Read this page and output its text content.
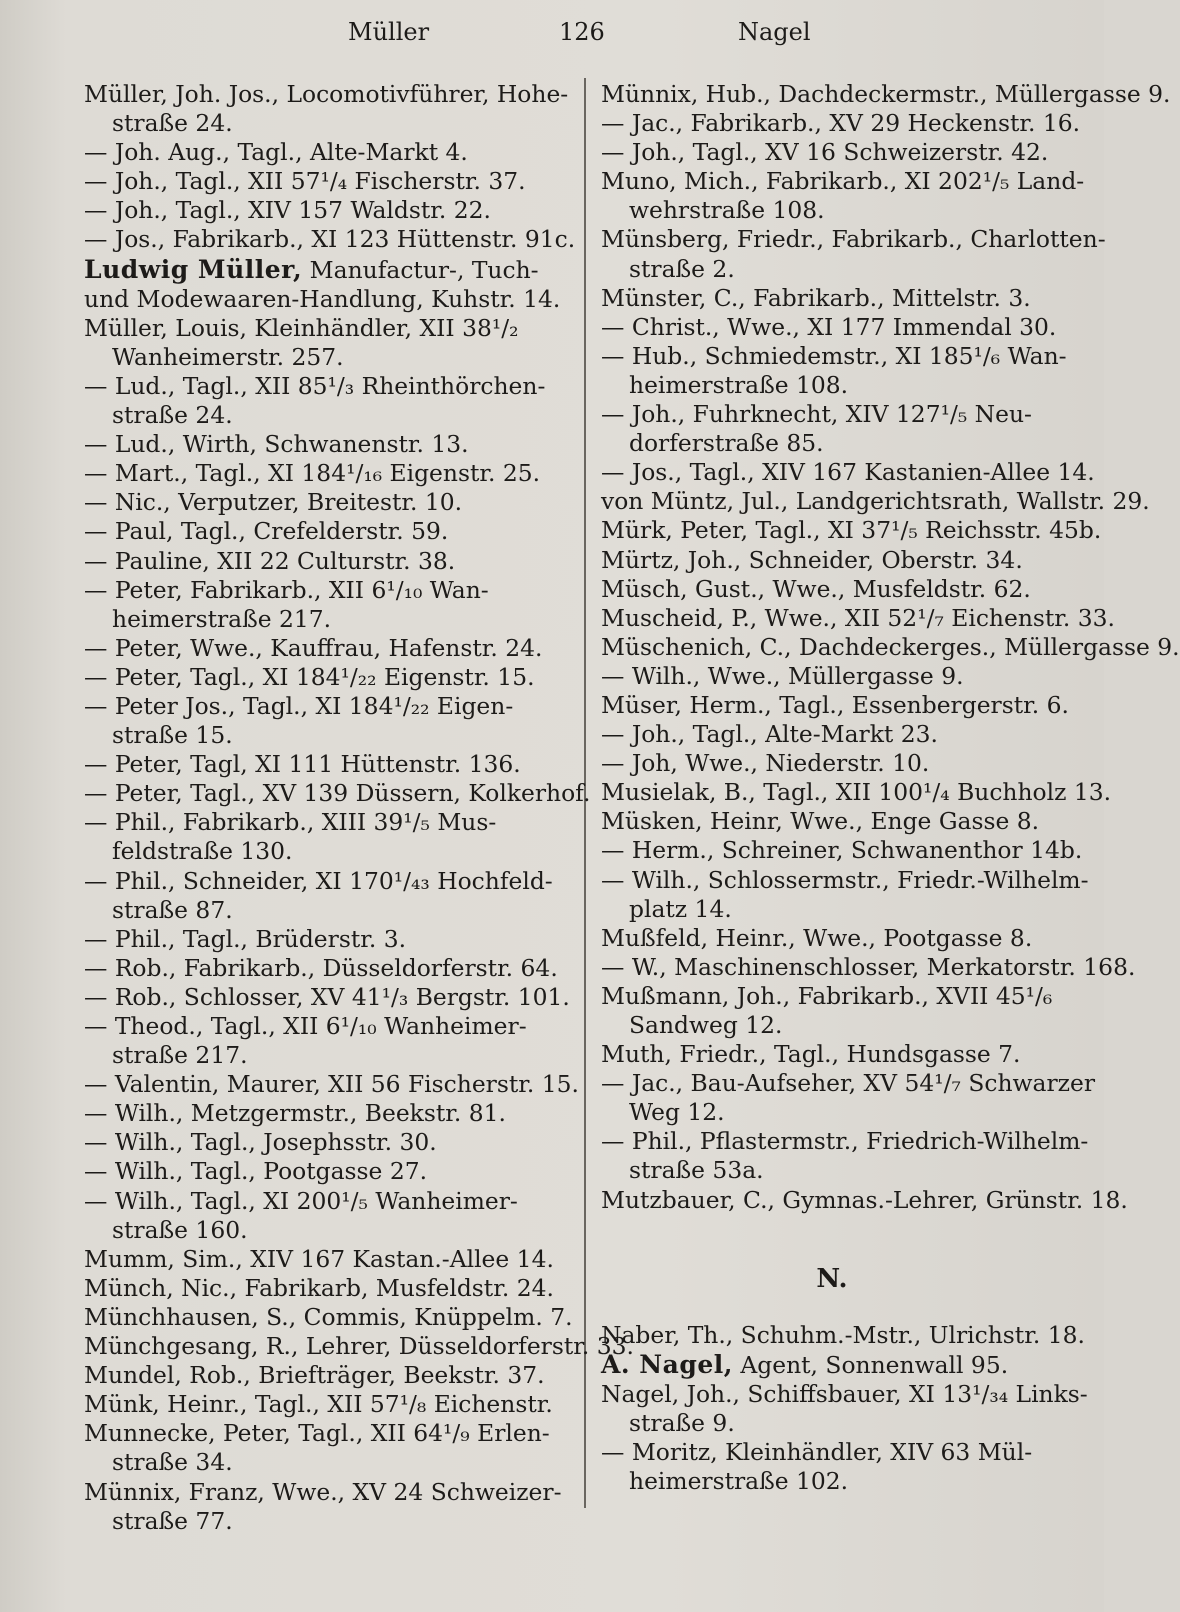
Müller	126	Nagel
Müller, Joh. Jos., Locomotivführer, Hohe-
straße 24.
— Joh. Aug., Tagl., Alte-Markt 4.
— Joh., Tagl., XII 57¹/₄ Fischerstr. 37.
— Joh., Tagl., XIV 157 Waldstr. 22.
— Jos., Fabrikarb., XI 123 Hüttenstr. 91c.
Ludwig Müller, Manufactur-, Tuch-
und Modewaaren-Handlung, Kuhstr. 14.
Müller, Louis, Kleinhändler, XII 38¹/₂
Wanheimerstr. 257.
— Lud., Tagl., XII 85¹/₃ Rheinthörchen-
straße 24.
— Lud., Wirth, Schwanenstr. 13.
— Mart., Tagl., XI 184¹/₁₆ Eigenstr. 25.
— Nic., Verputzer, Breitestr. 10.
— Paul, Tagl., Crefelderstr. 59.
— Pauline, XII 22 Culturstr. 38.
— Peter, Fabrikarb., XII 6¹/₁₀ Wan-
heimerstraße 217.
— Peter, Wwe., Kauffrau, Hafenstr. 24.
— Peter, Tagl., XI 184¹/₂₂ Eigenstr. 15.
— Peter Jos., Tagl., XI 184¹/₂₂ Eigen-
straße 15.
— Peter, Tagl, XI 111 Hüttenstr. 136.
— Peter, Tagl., XV 139 Düssern, Kolkerhof.
— Phil., Fabrikarb., XIII 39¹/₅ Mus-
feldstraße 130.
— Phil., Schneider, XI 170¹/₄₃ Hochfeld-
straße 87.
— Phil., Tagl., Brüderstr. 3.
— Rob., Fabrikarb., Düsseldorferstr. 64.
— Rob., Schlosser, XV 41¹/₃ Bergstr. 101.
— Theod., Tagl., XII 6¹/₁₀ Wanheimer-
straße 217.
— Valentin, Maurer, XII 56 Fischerstr. 15.
— Wilh., Metzgermstr., Beekstr. 81.
— Wilh., Tagl., Josephsstr. 30.
— Wilh., Tagl., Pootgasse 27.
— Wilh., Tagl., XI 200¹/₅ Wanheimer-
straße 160.
Mumm, Sim., XIV 167 Kastan.-Allee 14.
Münch, Nic., Fabrikarb, Musfeldstr. 24.
Münchhausen, S., Commis, Knüppelm. 7.
Münchgesang, R., Lehrer, Düsseldorferstr. 33.
Mundel, Rob., Briefträger, Beekstr. 37.
Münk, Heinr., Tagl., XII 57¹/₈ Eichenstr.
Munnecke, Peter, Tagl., XII 64¹/₉ Erlen-
straße 34.
Münnix, Franz, Wwe., XV 24 Schweizer-
straße 77.
Münnix, Hub., Dachdeckermstr., Müllergasse 9.
— Jac., Fabrikarb., XV 29 Heckenstr. 16.
— Joh., Tagl., XV 16 Schweizerstr. 42.
Muno, Mich., Fabrikarb., XI 202¹/₅ Land-
wehrstraße 108.
Münsberg, Friedr., Fabrikarb., Charlotten-
straße 2.
Münster, C., Fabrikarb., Mittelstr. 3.
— Christ., Wwe., XI 177 Immendal 30.
— Hub., Schmiedemstr., XI 185¹/₆ Wan-
heimerstraße 108.
— Joh., Fuhrknecht, XIV 127¹/₅ Neu-
dorferstraße 85.
— Jos., Tagl., XIV 167 Kastanien-Allee 14.
von Müntz, Jul., Landgerichtsrath, Wallstr. 29.
Mürk, Peter, Tagl., XI 37¹/₅ Reichsstr. 45b.
Mürtz, Joh., Schneider, Oberstr. 34.
Müsch, Gust., Wwe., Musfeldstr. 62.
Muscheid, P., Wwe., XII 52¹/₇ Eichenstr. 33.
Müschenich, C., Dachdeckerges., Müllergasse 9.
— Wilh., Wwe., Müllergasse 9.
Müser, Herm., Tagl., Essenbergerstr. 6.
— Joh., Tagl., Alte-Markt 23.
— Joh, Wwe., Niederstr. 10.
Musielak, B., Tagl., XII 100¹/₄ Buchholz 13.
Müsken, Heinr, Wwe., Enge Gasse 8.
— Herm., Schreiner, Schwanenthor 14b.
— Wilh., Schlossermstr., Friedr.-Wilhelm-
platz 14.
Mußfeld, Heinr., Wwe., Pootgasse 8.
— W., Maschinenschlosser, Merkatorstr. 168.
Mußmann, Joh., Fabrikarb., XVII 45¹/₆
Sandweg 12.
Muth, Friedr., Tagl., Hundsgasse 7.
— Jac., Bau-Aufseher, XV 54¹/₇ Schwarzer
Weg 12.
— Phil., Pflastermstr., Friedrich-Wilhelm-
straße 53a.
Mutzbauer, C., Gymnas.-Lehrer, Grünstr. 18.
N.
Naber, Th., Schuhm.-Mstr., Ulrichstr. 18.
A. Nagel, Agent, Sonnenwall 95.
Nagel, Joh., Schiffsbauer, XI 13¹/₃₄ Links-
straße 9.
— Moritz, Kleinhändler, XIV 63 Mül-
heimerstraße 102.
